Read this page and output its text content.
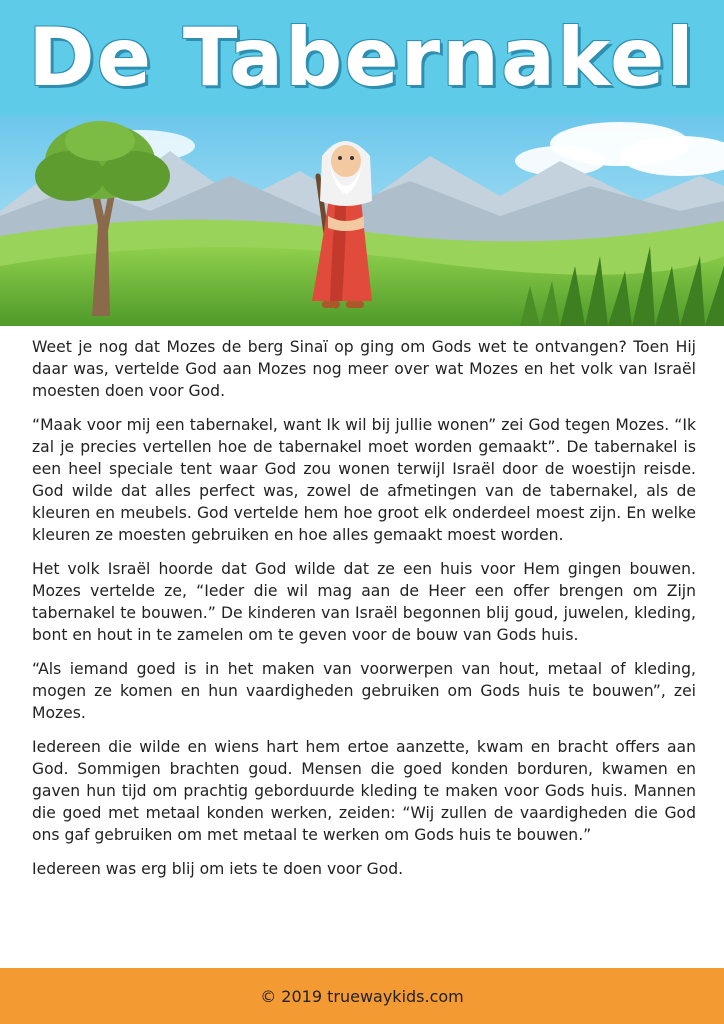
De Tabernakel

Weet je nog dat Mozes de berg Sinaï op ging om Gods wet te ontvangen? Toen Hij daar was, vertelde God aan Mozes nog meer over wat Mozes en het volk van Israël moesten doen voor God.

“Maak voor mij een tabernakel, want Ik wil bij jullie wonen” zei God tegen Mozes. “Ik zal je precies vertellen hoe de tabernakel moet worden gemaakt”. De tabernakel is een heel speciale tent waar God zou wonen terwijl Israël door de woestijn reisde. God wilde dat alles perfect was, zowel de afmetingen van de tabernakel, als de kleuren en meubels. God vertelde hem hoe groot elk onderdeel moest zijn. En welke kleuren ze moesten gebruiken en hoe alles gemaakt moest worden.

Het volk Israël hoorde dat God wilde dat ze een huis voor Hem gingen bouwen. Mozes vertelde ze, “Ieder die wil mag aan de Heer een offer brengen om Zijn tabernakel te bouwen.” De kinderen van Israël begonnen blij goud, juwelen, kleding, bont en hout in te zamelen om te geven voor de bouw van Gods huis.

“Als iemand goed is in het maken van voorwerpen van hout, metaal of kleding, mogen ze komen en hun vaardigheden gebruiken om Gods huis te bouwen”, zei Mozes.

Iedereen die wilde en wiens hart hem ertoe aanzette, kwam en bracht offers aan God. Sommigen brachten goud. Mensen die goed konden borduren, kwamen en gaven hun tijd om prachtig geborduurde kleding te maken voor Gods huis. Mannen die goed met metaal konden werken, zeiden: “Wij zullen de vaardigheden die God ons gaf gebruiken om met metaal te werken om Gods huis te bouwen.”

Iedereen was erg blij om iets te doen voor God.

© 2019 truewaykids.com
